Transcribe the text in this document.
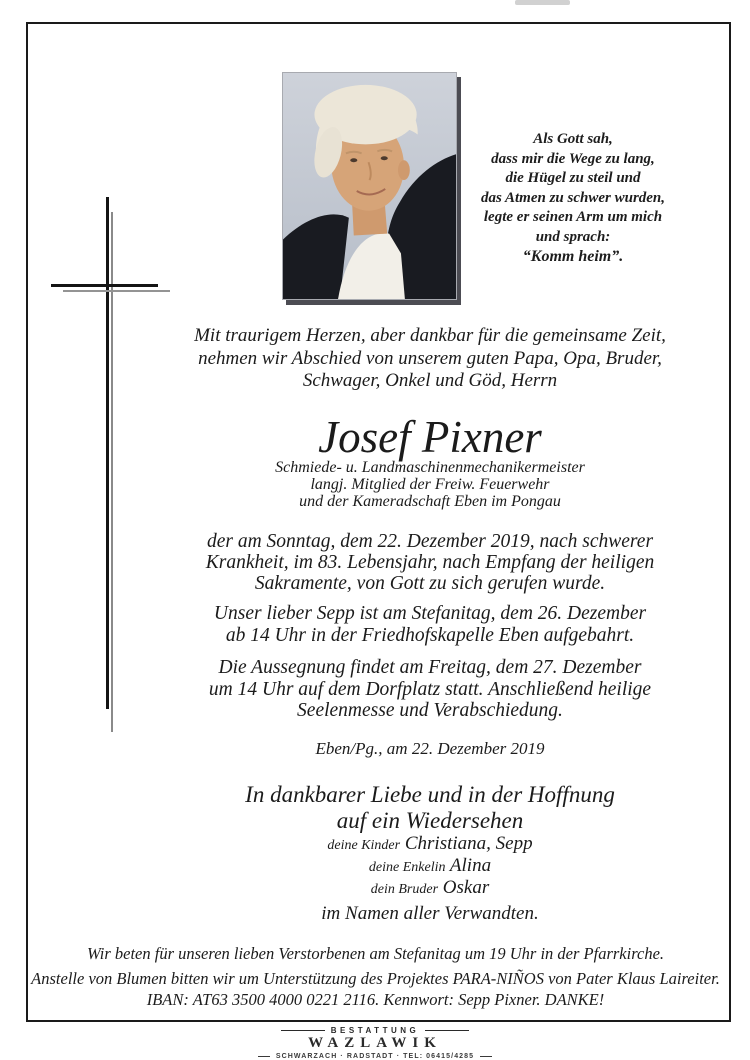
Als Gott sah,
dass mir die Wege zu lang,
die Hügel zu steil und
das Atmen zu schwer wurden,
legte er seinen Arm um mich
und sprach:
“Komm heim”.
Mit traurigem Herzen, aber dankbar für die gemeinsame Zeit,
nehmen wir Abschied von unserem guten Papa, Opa, Bruder,
Schwager, Onkel und Göd, Herrn
Josef Pixner
Schmiede- u. Landmaschinenmechanikermeister
langj. Mitglied der Freiw. Feuerwehr
und der Kameradschaft Eben im Pongau
der am Sonntag, dem 22. Dezember 2019, nach schwerer
Krankheit, im 83. Lebensjahr, nach Empfang der heiligen
Sakramente, von Gott zu sich gerufen wurde.
Unser lieber Sepp ist am Stefanitag, dem 26. Dezember
ab 14 Uhr in der Friedhofskapelle Eben aufgebahrt.
Die Aussegnung findet am Freitag, dem 27. Dezember
um 14 Uhr auf dem Dorfplatz statt. Anschließend heilige
Seelenmesse und Verabschiedung.
Eben/Pg., am 22. Dezember 2019
In dankbarer Liebe und in der Hoffnung
auf ein Wiedersehen
deine Kinder Christiana, Sepp
deine Enkelin Alina
dein Bruder Oskar
im Namen aller Verwandten.
Wir beten für unseren lieben Verstorbenen am Stefanitag um 19 Uhr in der Pfarrkirche.
Anstelle von Blumen bitten wir um Unterstützung des Projektes PARA-NIÑOS von Pater Klaus Laireiter.
IBAN: AT63 3500 4000 0221 2116. Kennwort: Sepp Pixner. DANKE!
BESTATTUNG
WAZLAWIK
SCHWARZACH · RADSTADT · TEL: 06415/4285
